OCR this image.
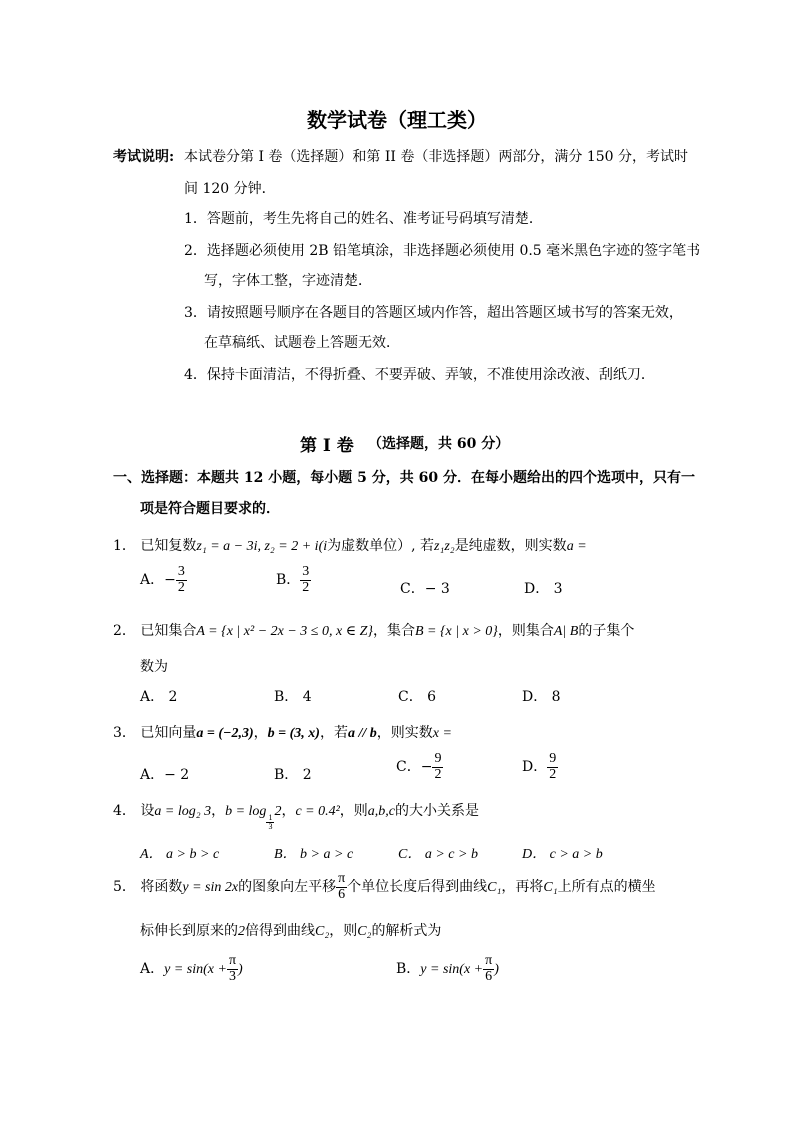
数学试卷（理工类）
考试说明: 本试卷分第 I 卷（选择题）和第 II 卷（非选择题）两部分，满分 150 分，考试时
间 120 分钟．
1．答题前，考生先将自己的姓名、准考证号码填写清楚．
2．选择题必须使用 2B 铅笔填涂，非选择题必须使用 0.5 毫米黑色字迹的签字笔书
写，字体工整，字迹清楚．
3．请按照题号顺序在各题目的答题区域内作答，超出答题区域书写的答案无效，
在草稿纸、试题卷上答题无效．
4．保持卡面清洁，不得折叠、不要弄破、弄皱，不准使用涂改液、刮纸刀．
第 I 卷 （选择题，共 60 分）
一、选择题：本题共 12 小题，每小题 5 分，共 60 分．在每小题给出的四个选项中，只有一
项是符合题目要求的．
1． 已知复数z₁ = a − 3i, z₂ = 2 + i(i为虚数单位）, 若z₁z₂是纯虚数，则实数a =
A．− $\frac{3}{2}$	B． $\frac{3}{2}$	C．− 3	D． 3
2． 已知集合A = {x | x² − 2x − 3 ≤ 0, x ∈ Z}，集合B = {x | x > 0}，则集合A| B的子集个
数为
A． 2	B． 4	C． 6	D． 8
3． 已知向量a = (−2,3)，b = (3, x)，若a // b，则实数x =
A．− 2	B． 2	C．− $\frac{9}{2}$	D． $\frac{9}{2}$
4． 设a = log₂ 3，b = log
$\frac{1}{3}$
2，c = 0.4²，则a,b,c的大小关系是
A． a > b > c	B． b > a > c	C． a > c > b	D． c > a > b
5． 将函数y = sin 2x的图象向左平移 $\frac{\pi}{6}$ 个单位长度后得到曲线C₁，再将C₁上所有点的横坐
标伸长到原来的2倍得到曲线C₂，则C₂的解析式为
A．$y = \sin(x + \frac{\pi}{3}$ )	B．$y = \sin(x + \frac{\pi}{6}$ )
